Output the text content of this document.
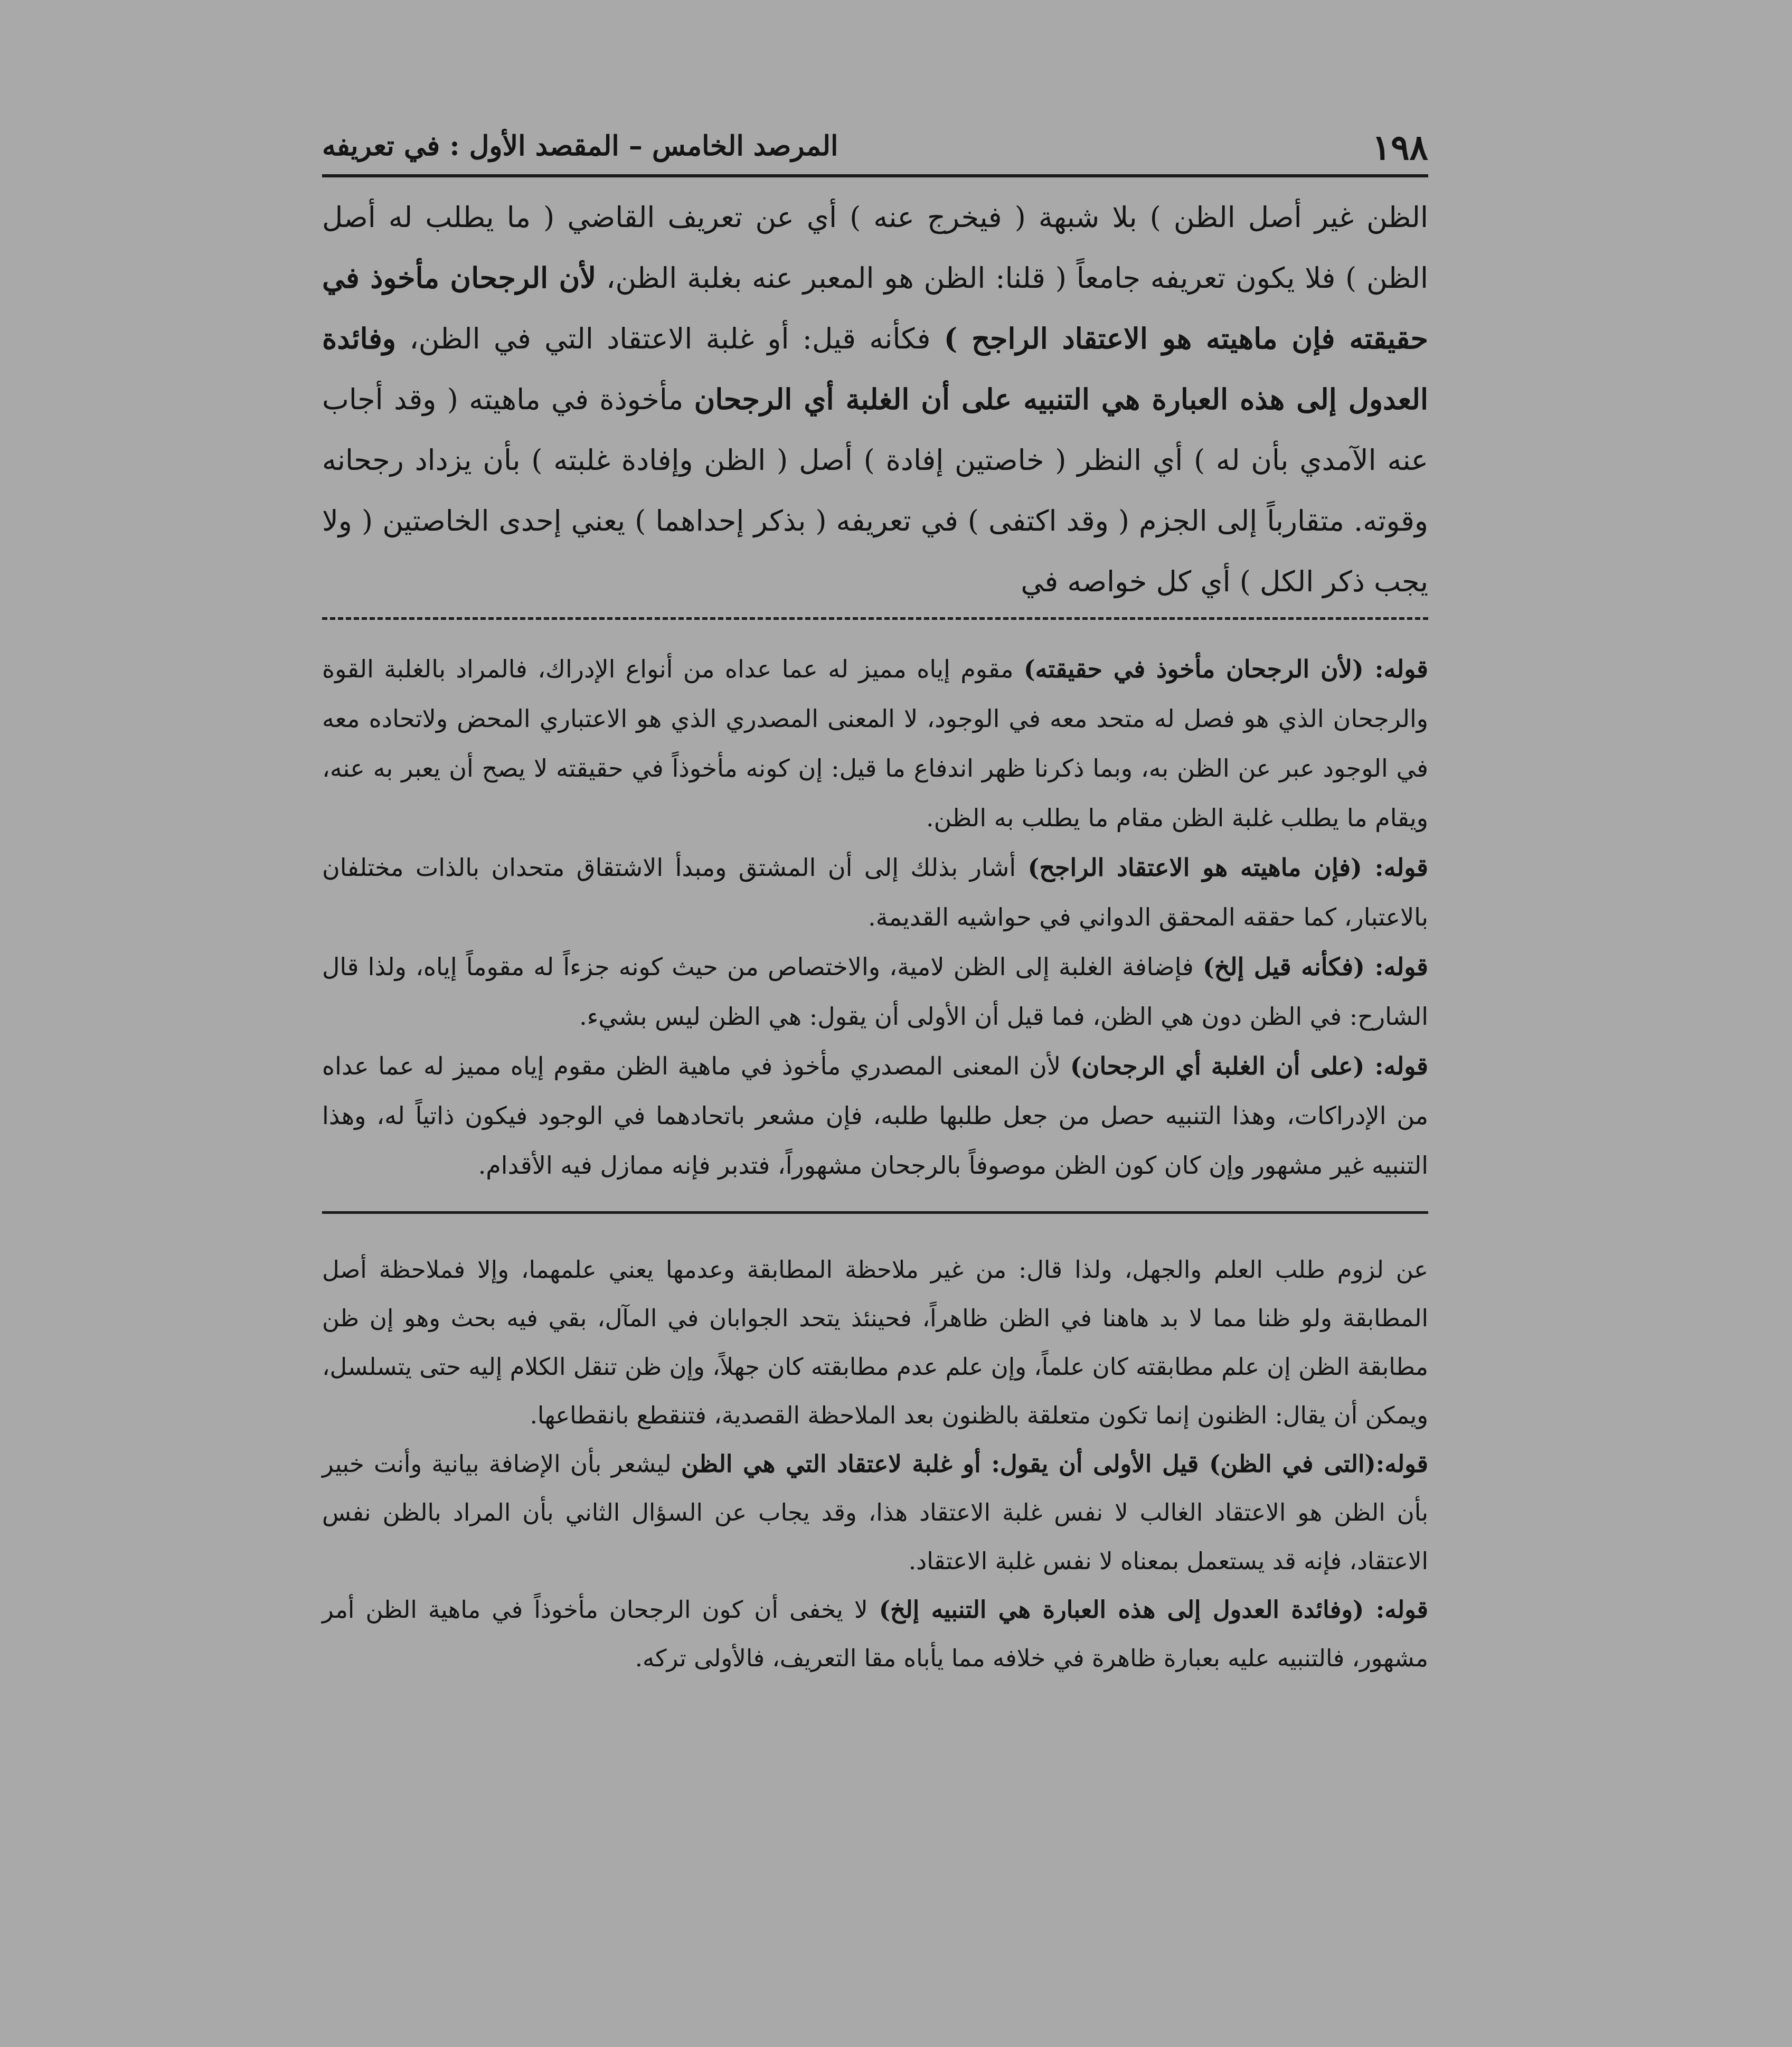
١٩٨
المرصد الخامس – المقصد الأول : في تعريفه
الظن غير أصل الظن ) بلا شبهة ( فيخرج عنه ) أي عن تعريف القاضي ( ما يطلب له أصل الظن ) فلا يكون تعريفه جامعاً ( قلنا: الظن هو المعبر عنه بغلبة الظن، لأن الرجحان مأخوذ في حقيقته فإن ماهيته هو الاعتقاد الراجح ) فكأنه قيل: أو غلبة الاعتقاد التي في الظن، وفائدة العدول إلى هذه العبارة هي التنبيه على أن الغلبة أي الرجحان مأخوذة في ماهيته ( وقد أجاب عنه الآمدي بأن له ) أي النظر ( خاصتين إفادة ) أصل ( الظن وإفادة غلبته ) بأن يزداد رجحانه وقوته. متقارباً إلى الجزم ( وقد اكتفى ) في تعريفه ( بذكر إحداهما ) يعني إحدى الخاصتين ( ولا يجب ذكر الكل ) أي كل خواصه في

قوله: (لأن الرجحان مأخوذ في حقيقته) مقوم إياه مميز له عما عداه من أنواع الإدراك، فالمراد بالغلبة القوة والرجحان الذي هو فصل له متحد معه في الوجود، لا المعنى المصدري الذي هو الاعتباري المحض ولاتحاده معه في الوجود عبر عن الظن به، وبما ذكرنا ظهر اندفاع ما قيل: إن كونه مأخوذاً في حقيقته لا يصح أن يعبر به عنه، ويقام ما يطلب غلبة الظن مقام ما يطلب به الظن.

قوله: (فإن ماهيته هو الاعتقاد الراجح) أشار بذلك إلى أن المشتق ومبدأ الاشتقاق متحدان بالذات مختلفان بالاعتبار، كما حققه المحقق الدواني في حواشيه القديمة.

قوله: (فكأنه قيل إلخ) فإضافة الغلبة إلى الظن لامية، والاختصاص من حيث كونه جزءاً له مقوماً إياه، ولذا قال الشارح: في الظن دون هي الظن، فما قيل أن الأولى أن يقول: هي الظن ليس بشيء.

قوله: (على أن الغلبة أي الرجحان) لأن المعنى المصدري مأخوذ في ماهية الظن مقوم إياه مميز له عما عداه من الإدراكات، وهذا التنبيه حصل من جعل طلبها طلبه، فإن مشعر باتحادهما في الوجود فيكون ذاتياً له، وهذا التنبيه غير مشهور وإن كان كون الظن موصوفاً بالرجحان مشهوراً، فتدبر فإنه ممازل فيه الأقدام.

عن لزوم طلب العلم والجهل، ولذا قال: من غير ملاحظة المطابقة وعدمها يعني علمهما، وإلا فملاحظة أصل المطابقة ولو ظنا مما لا بد هاهنا في الظن ظاهراً، فحينئذ يتحد الجوابان في المآل، بقي فيه بحث وهو إن ظن مطابقة الظن إن علم مطابقته كان علماً، وإن علم عدم مطابقته كان جهلاً، وإن ظن تنقل الكلام إليه حتى يتسلسل، ويمكن أن يقال: الظنون إنما تكون متعلقة بالظنون بعد الملاحظة القصدية، فتنقطع بانقطاعها.

قوله:(التى في الظن) قيل الأولى أن يقول: أو غلبة لاعتقاد التي هي الظن ليشعر بأن الإضافة بيانية وأنت خبير بأن الظن هو الاعتقاد الغالب لا نفس غلبة الاعتقاد هذا، وقد يجاب عن السؤال الثاني بأن المراد بالظن نفس الاعتقاد، فإنه قد يستعمل بمعناه لا نفس غلبة الاعتقاد.

قوله: (وفائدة العدول إلى هذه العبارة هي التنبيه إلخ) لا يخفى أن كون الرجحان مأخوذاً في ماهية الظن أمر مشهور، فالتنبيه عليه بعبارة ظاهرة في خلافه مما يأباه مقا التعريف، فالأولى تركه.
